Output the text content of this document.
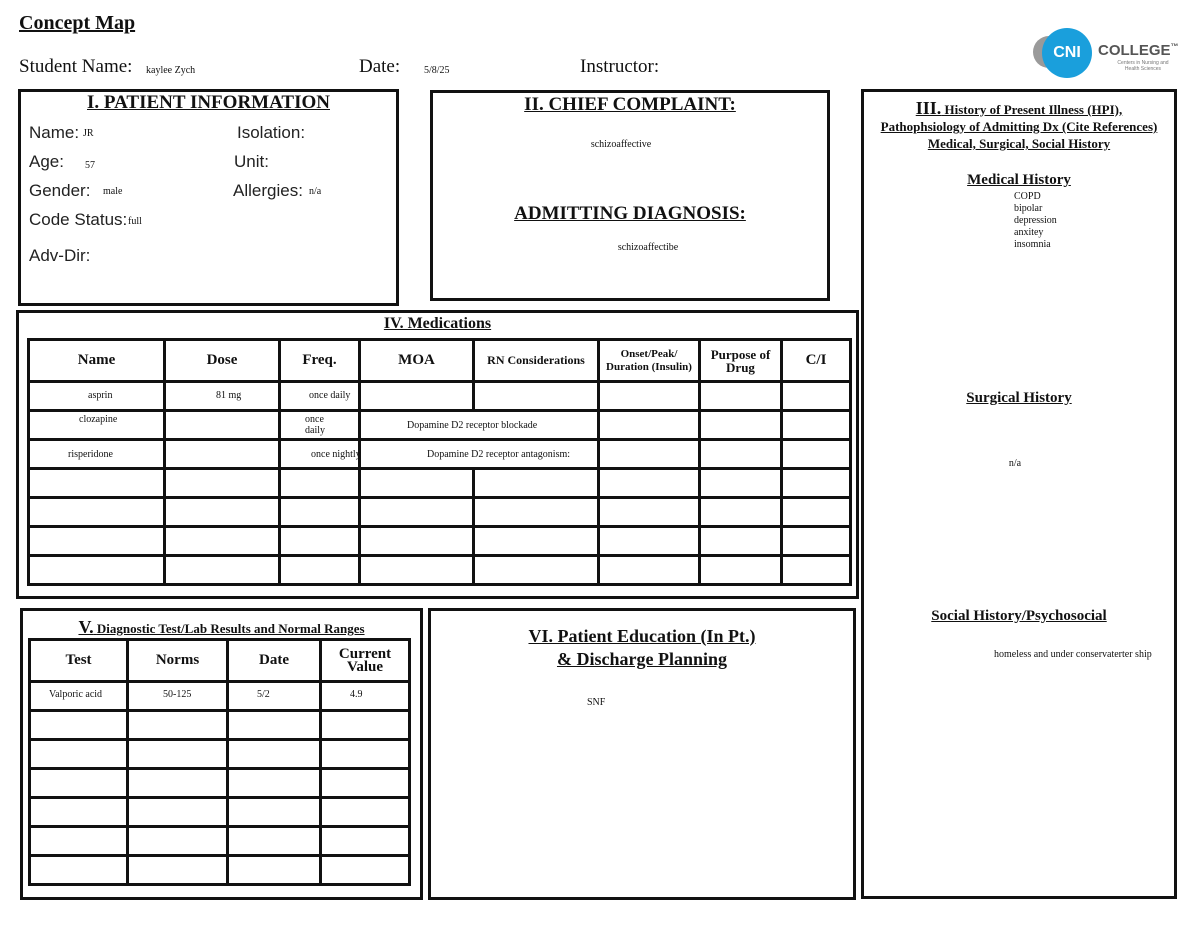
Concept Map
Student Name: kaylee Zych	Date: 5/8/25	Instructor:
CNI	COLLEGE™
Centers in Nursing and
Health Sciences
I. PATIENT INFORMATION
Name: JR	Isolation:
Age: 57	Unit:
Gender: male	Allergies: n/a
Code Status: full
Adv-Dir:
II. CHIEF COMPLAINT:
schizoaffective
ADMITTING DIAGNOSIS:
schizoaffectibe
III. History of Present Illness (HPI),
Pathophsiology of Admitting Dx (Cite References)
Medical, Surgical, Social History
Medical History
COPD
bipolar
depression
anxitey
insomnia
Surgical History
n/a
Social History/Psychosocial
homeless and under conservaterter ship
IV. Medications
Name	Dose	Freq.	MOA	RN Considerations	Onset/Peak/ Duration (Insulin)	Purpose of Drug	C/I
asprin	81 mg	once daily					
clozapine		once daily	Dopamine D2 receptor blockade				
risperidone		once nightly	Dopamine D2 receptor antagonism:				

V. Diagnostic Test/Lab Results and Normal Ranges
Test	Norms	Date	Current Value
Valporic acid	50-125	5/2	4.9

VI. Patient Education (In Pt.)
& Discharge Planning
SNF
